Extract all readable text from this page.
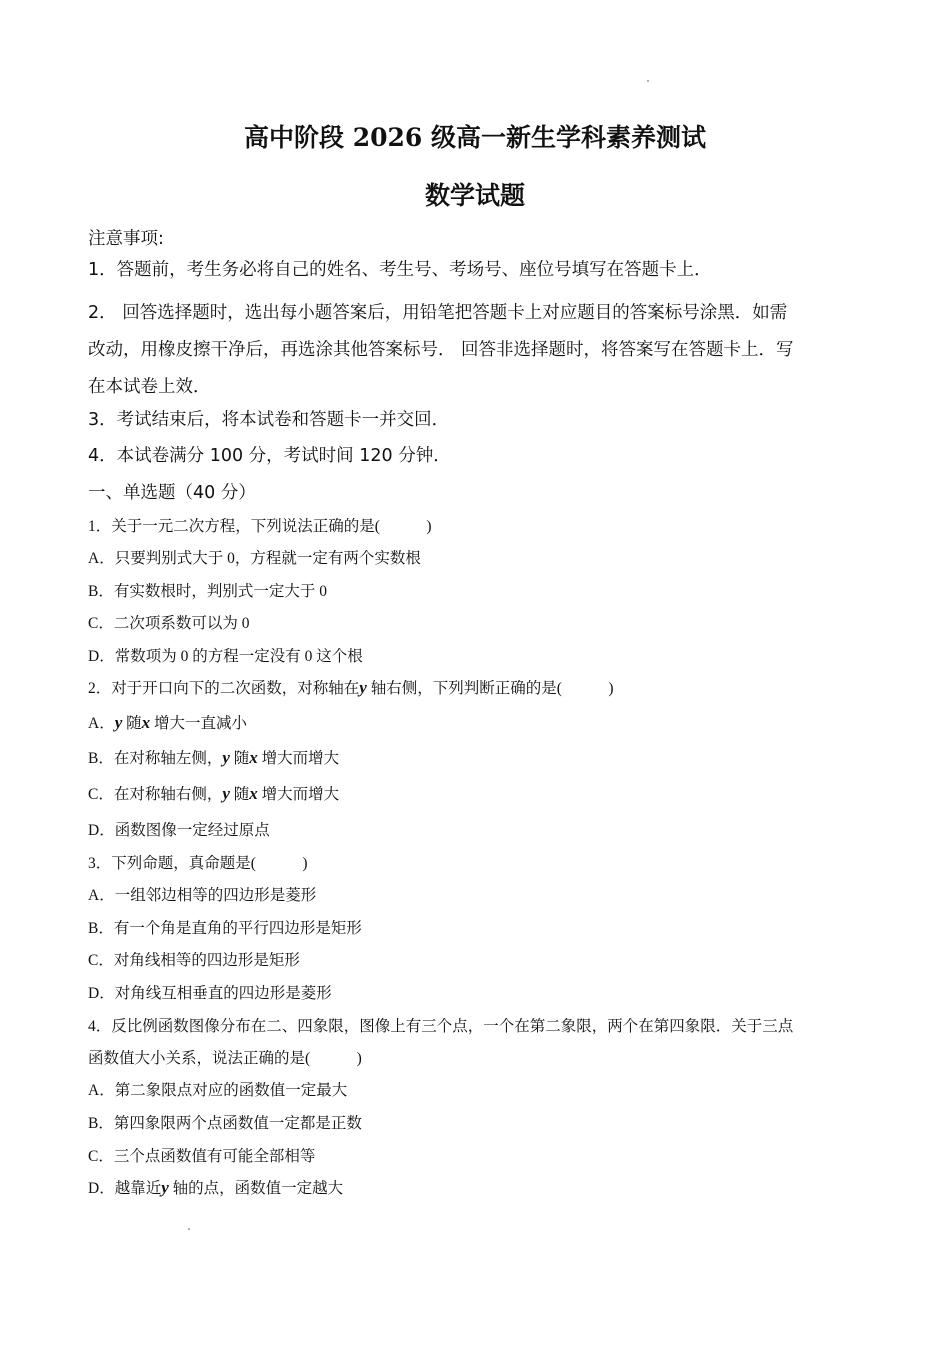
高中阶段 2026 级高一新生学科素养测试
数学试题
注意事项:
1．答题前，考生务必将自己的姓名、考生号、考场号、座位号填写在答题卡上．
2． 回答选择题时，选出每小题答案后，用铅笔把答题卡上对应题目的答案标号涂黑．如需
改动，用橡皮擦干净后，再选涂其他答案标号． 回答非选择题时，将答案写在答题卡上．写
在本试卷上效．
3．考试结束后，将本试卷和答题卡一并交回．
4．本试卷满分 100 分，考试时间 120 分钟．
一、单选题（40 分）
1．关于一元二次方程，下列说法正确的是(　　　)
A．只要判别式大于 0，方程就一定有两个实数根
B．有实数根时，判别式一定大于 0
C．二次项系数可以为 0
D．常数项为 0 的方程一定没有 0 这个根
2．对于开口向下的二次函数，对称轴在y 轴右侧，下列判断正确的是(　　　)
A．y 随x 增大一直减小
B．在对称轴左侧，y 随x 增大而增大
C．在对称轴右侧，y 随x 增大而增大
D．函数图像一定经过原点
3．下列命题，真命题是(　　　)
A．一组邻边相等的四边形是菱形
B．有一个角是直角的平行四边形是矩形
C．对角线相等的四边形是矩形
D．对角线互相垂直的四边形是菱形
4．反比例函数图像分布在二、四象限，图像上有三个点，一个在第二象限，两个在第四象限．关于三点
函数值大小关系，说法正确的是(　　　)
A．第二象限点对应的函数值一定最大
B．第四象限两个点函数值一定都是正数
C．三个点函数值有可能全部相等
D．越靠近y 轴的点，函数值一定越大
